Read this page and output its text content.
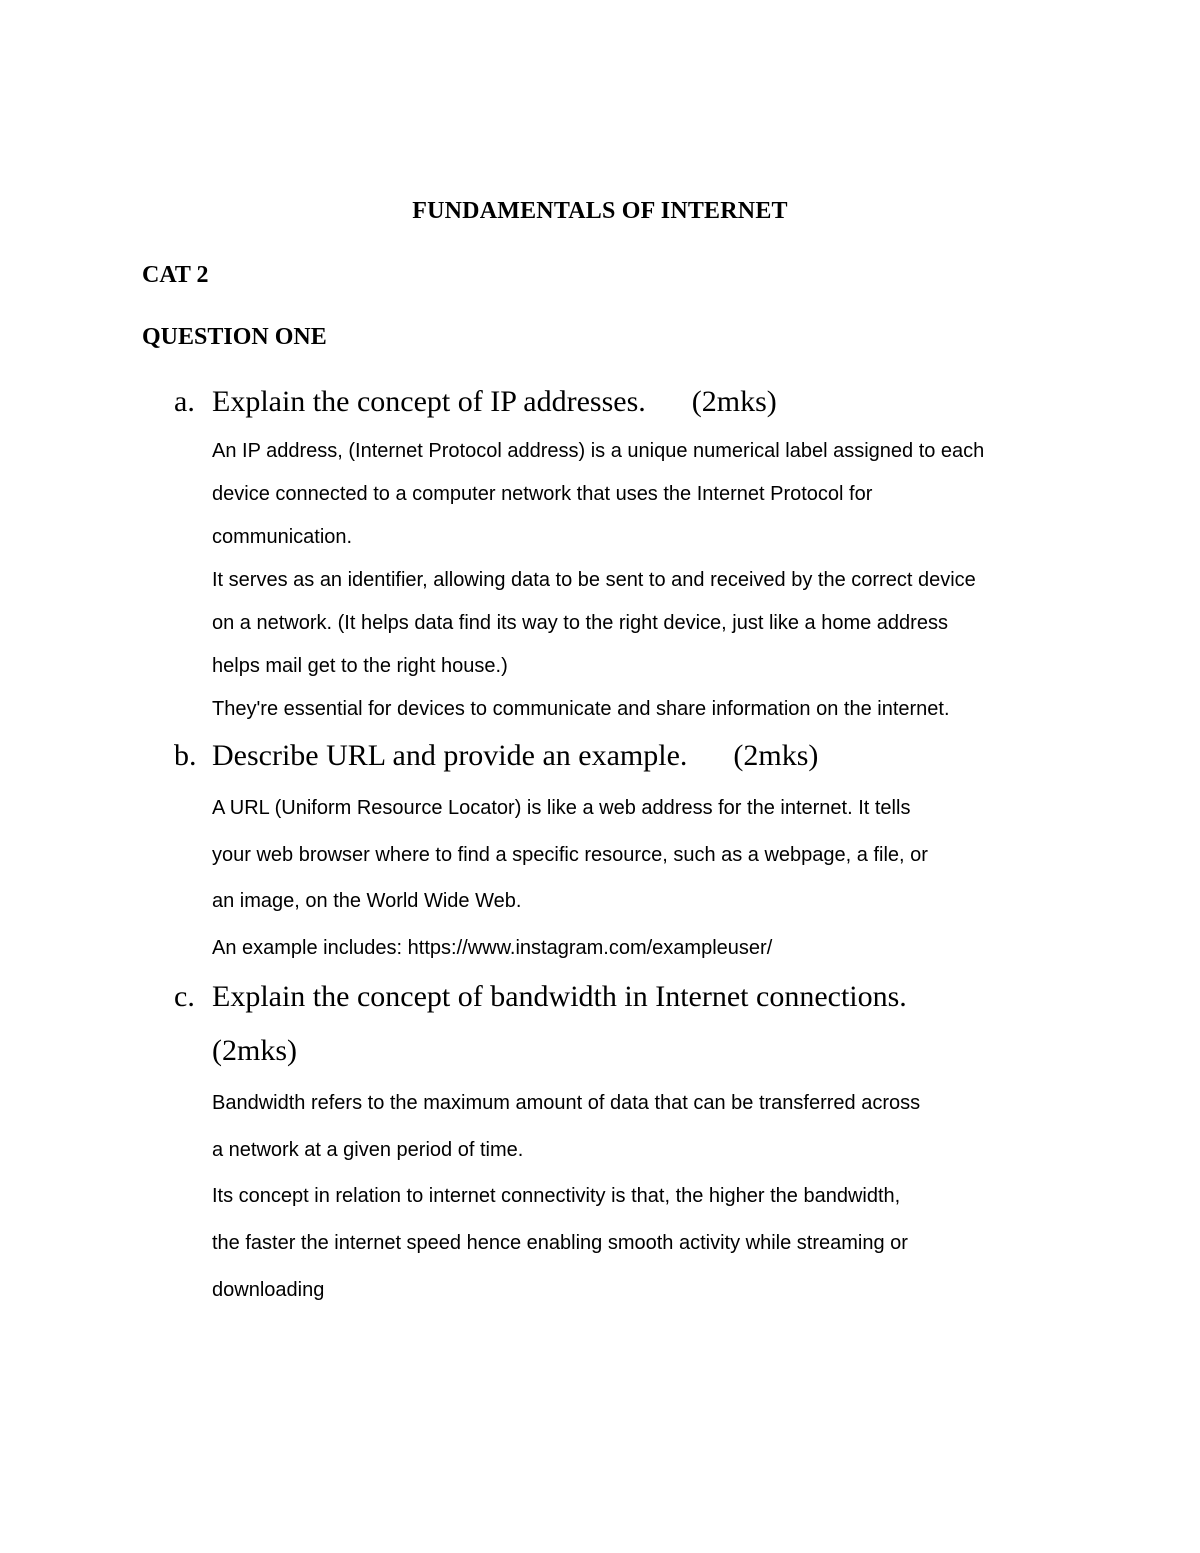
FUNDAMENTALS OF INTERNET
CAT 2
QUESTION ONE
a. Explain the concept of IP addresses. (2mks)
An IP address, (Internet Protocol address) is a unique numerical label assigned to each
device connected to a computer network that uses the Internet Protocol for
communication.
It serves as an identifier, allowing data to be sent to and received by the correct device
on a network. (It helps data find its way to the right device, just like a home address
helps mail get to the right house.)
They're essential for devices to communicate and share information on the internet.
b. Describe URL and provide an example. (2mks)
A URL (Uniform Resource Locator) is like a web address for the internet. It tells
your web browser where to find a specific resource, such as a webpage, a file, or
an image, on the World Wide Web.
An example includes: https://www.instagram.com/exampleuser/
c. Explain the concept of bandwidth in Internet connections.
(2mks)
Bandwidth refers to the maximum amount of data that can be transferred across
a network at a given period of time.
Its concept in relation to internet connectivity is that, the higher the bandwidth,
the faster the internet speed hence enabling smooth activity while streaming or
downloading
